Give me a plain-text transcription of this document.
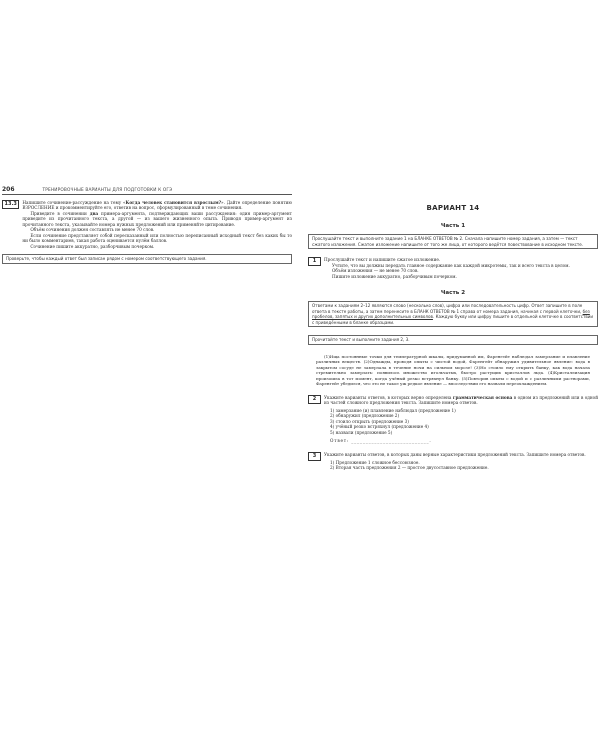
206	ТРЕНИРОВОЧНЫЕ ВАРИАНТЫ ДЛЯ ПОДГОТОВКИ К ОГЭ
13.3	Напишите сочинение-рассуждение на тему «Когда человек становится взрослым?». Дайте определение понятию ВЗРОСЛЕНИЕ и прокомментируйте его, ответив на вопрос, сформулированный в теме сочинения.

Приведите в сочинении два примера-аргумента, подтверждающих ваши рассуждения: один пример-аргумент приведите из прочитанного текста, а другой — из вашего жизненного опыта. Приводя пример-аргумент из прочитанного текста, указывайте номера нужных предложений или применяйте цитирование.

Объём сочинения должен составлять не менее 70 слов.

Если сочинение представляет собой пересказанный или полностью переписанный исходный текст без каких бы то ни было комментариев, такая работа оценивается нулём баллов.

Сочинение пишите аккуратно, разборчивым почерком.

Проверьте, чтобы каждый ответ был записан рядом с номером соответствующего задания.
ВАРИАНТ 14
Часть 1
Прослушайте текст и выполните задание 1 на БЛАНКЕ ОТВЕТОВ № 2. Сначала напишите номер задания, а затем — текст сжатого изложения. Сжатое изложение напишите от того же лица, от которого ведётся повествование в исходном тексте.
1	Прослушайте текст и напишите сжатое изложение.

Учтите, что вы должны передать главное содержание как каждой микротемы, так и всего текста в целом.

Объём изложения — не менее 70 слов.

Пишите изложение аккуратно, разборчивым почерком.

Часть 2
Ответами к заданиям 2–12 являются слово (несколько слов), цифра или последовательность цифр. Ответ запишите в поле ответа в тексте работы, а затем перенесите в БЛАНК ОТВЕТОВ № 1 справа от номера задания, начиная с первой клеточки, без пробелов, запятых и других дополнительных символов. Каждую букву или цифру пишите в отдельной клеточке в соответствии с приведёнными в бланке образцами.
Прочитайте текст и выполните задания 2, 3.

(1)Ища постоянные точки для температурной шкалы, придуманной им, Фаренгейт наблюдал замерзание и плавление различных веществ. (2)Однажды, проводя опыты с чистой водой, Фаренгейт обнаружил удивительное явление: вода в закрытом сосуде не замерзала в течение ночи на сильном морозе! (3)Но стоило ему открыть банку, как вода начала стремительно замерзать: появилось множество игольчатых, быстро растущих кристаллов льда. (4)Кристаллизация произошла в тот момент, когда учёный резко встряхнул банку. (5)Повторив опыты с водой и с различными растворами, Фаренгейт убедился, что это не такое уж редкое явление — впоследствии его назвали переохлаждением.

2	Укажите варианты ответов, в которых верно определена грамматическая основа в одном из предложений или в одной из частей сложного предложения текста. Запишите номера ответов.

1) замерзание (и) плавление наблюдал (предложение 1)
2) обнаружил (предложение 2)
3) стоило открыть (предложение 3)
4) учёный резко встряхнул (предложение 4)
5) назвали (предложение 5)
Ответ: ___________________________.
3	Укажите варианты ответов, в которых даны верные характеристики предложений текста. Запишите номера ответов.

1) Предложение 1 сложное бессоюзное.
2) Вторая часть предложения 2 — простое двусоставное предложение.
